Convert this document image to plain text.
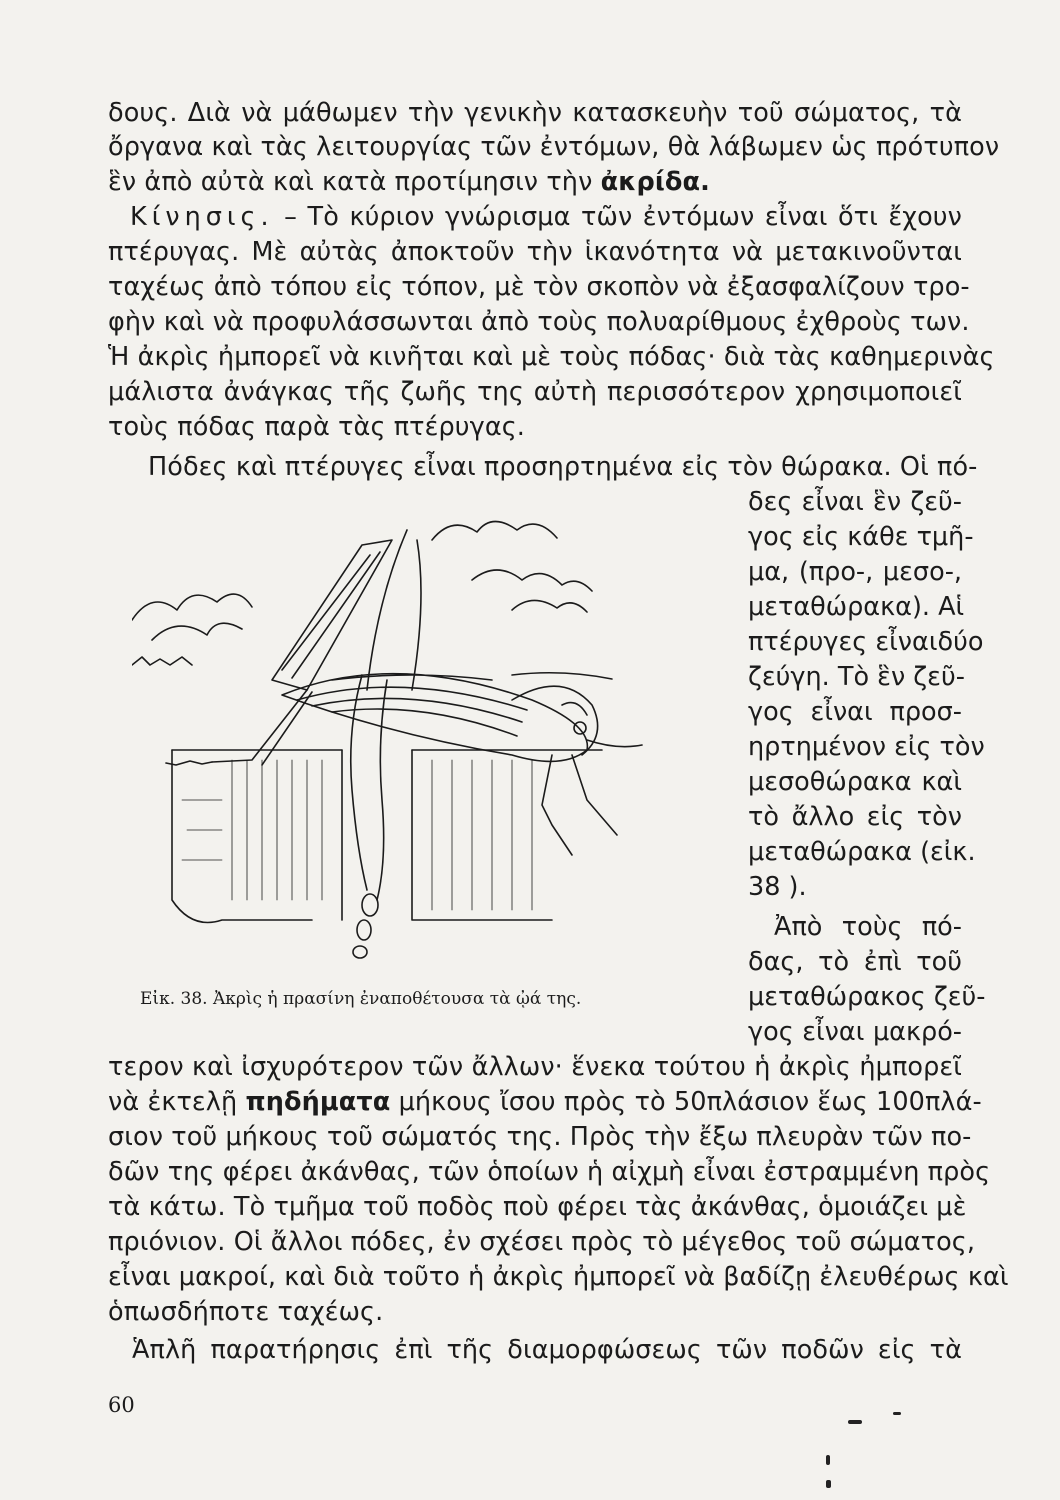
δους. Διὰ νὰ μάθωμεν τὴν γενικὴν κατασκευὴν τοῦ σώματος, τὰ
ὄργανα καὶ τὰς λειτουργίας τῶν ἐντόμων, θὰ λάβωμεν ὡς πρότυπον
ἓν ἀπὸ αὐτὰ καὶ κατὰ προτίμησιν τὴν ἀκρίδα.
Κίνησις. – Τὸ κύριον γνώρισμα τῶν ἐντόμων εἶναι ὅτι ἔχουν
πτέρυγας. Μὲ αὐτὰς ἀποκτοῦν τὴν ἱκανότητα νὰ μετακινοῦνται
ταχέως ἀπὸ τόπου εἰς τόπον, μὲ τὸν σκοπὸν νὰ ἐξασφαλίζουν τρο-
φὴν καὶ νὰ προφυλάσσωνται ἀπὸ τοὺς πολυαρίθμους ἐχθροὺς των.
Ἡ ἀκρὶς ἠμπορεῖ νὰ κινῆται καὶ μὲ τοὺς πόδας· διὰ τὰς καθημερινὰς
μάλιστα ἀνάγκας τῆς ζωῆς της αὐτὴ περισσότερον χρησιμοποιεῖ
τοὺς πόδας παρὰ τὰς πτέρυγας.
Πόδες καὶ πτέρυγες εἶναι προσηρτημένα εἰς τὸν θώρακα. Οἱ πό-
δες εἶναι ἓν ζεῦ-
γος εἰς κάθε τμῆ-
μα, (προ-, μεσο-,
μεταθώρακα). Αἱ
πτέρυγες εἶναιδύο
ζεύγη. Τὸ ἓν ζεῦ-
γος εἶναι προσ-
ηρτημένον εἰς τὸν
μεσοθώρακα καὶ
τὸ ἄλλο εἰς τὸν
μεταθώρακα (εἰκ.
38 ).
Ἀπὸ τοὺς πό-
δας, τὸ ἐπὶ τοῦ
μεταθώρακος ζεῦ-
γος εἶναι μακρό-
Εἰκ. 38. Ἀκρὶς ἡ πρασίνη ἐναποθέτουσα τὰ ᾠά της.
τερον καὶ ἰσχυρότερον τῶν ἄλλων· ἕνεκα τούτου ἡ ἀκρὶς ἠμπορεῖ
νὰ ἐκτελῇ πηδήματα μήκους ἴσου πρὸς τὸ 50πλάσιον ἕως 100πλά-
σιον τοῦ μήκους τοῦ σώματός της. Πρὸς τὴν ἔξω πλευρὰν τῶν πο-
δῶν της φέρει ἀκάνθας, τῶν ὁποίων ἡ αἰχμὴ εἶναι ἐστραμμένη πρὸς
τὰ κάτω. Τὸ τμῆμα τοῦ ποδὸς ποὺ φέρει τὰς ἀκάνθας, ὁμοιάζει μὲ
πριόνιον. Οἱ ἄλλοι πόδες, ἐν σχέσει πρὸς τὸ μέγεθος τοῦ σώματος,
εἶναι μακροί, καὶ διὰ τοῦτο ἡ ἀκρὶς ἠμπορεῖ νὰ βαδίζῃ ἐλευθέρως καὶ
ὁπωσδήποτε ταχέως.
Ἁπλῆ παρατήρησις ἐπὶ τῆς διαμορφώσεως τῶν ποδῶν εἰς τὰ
60
